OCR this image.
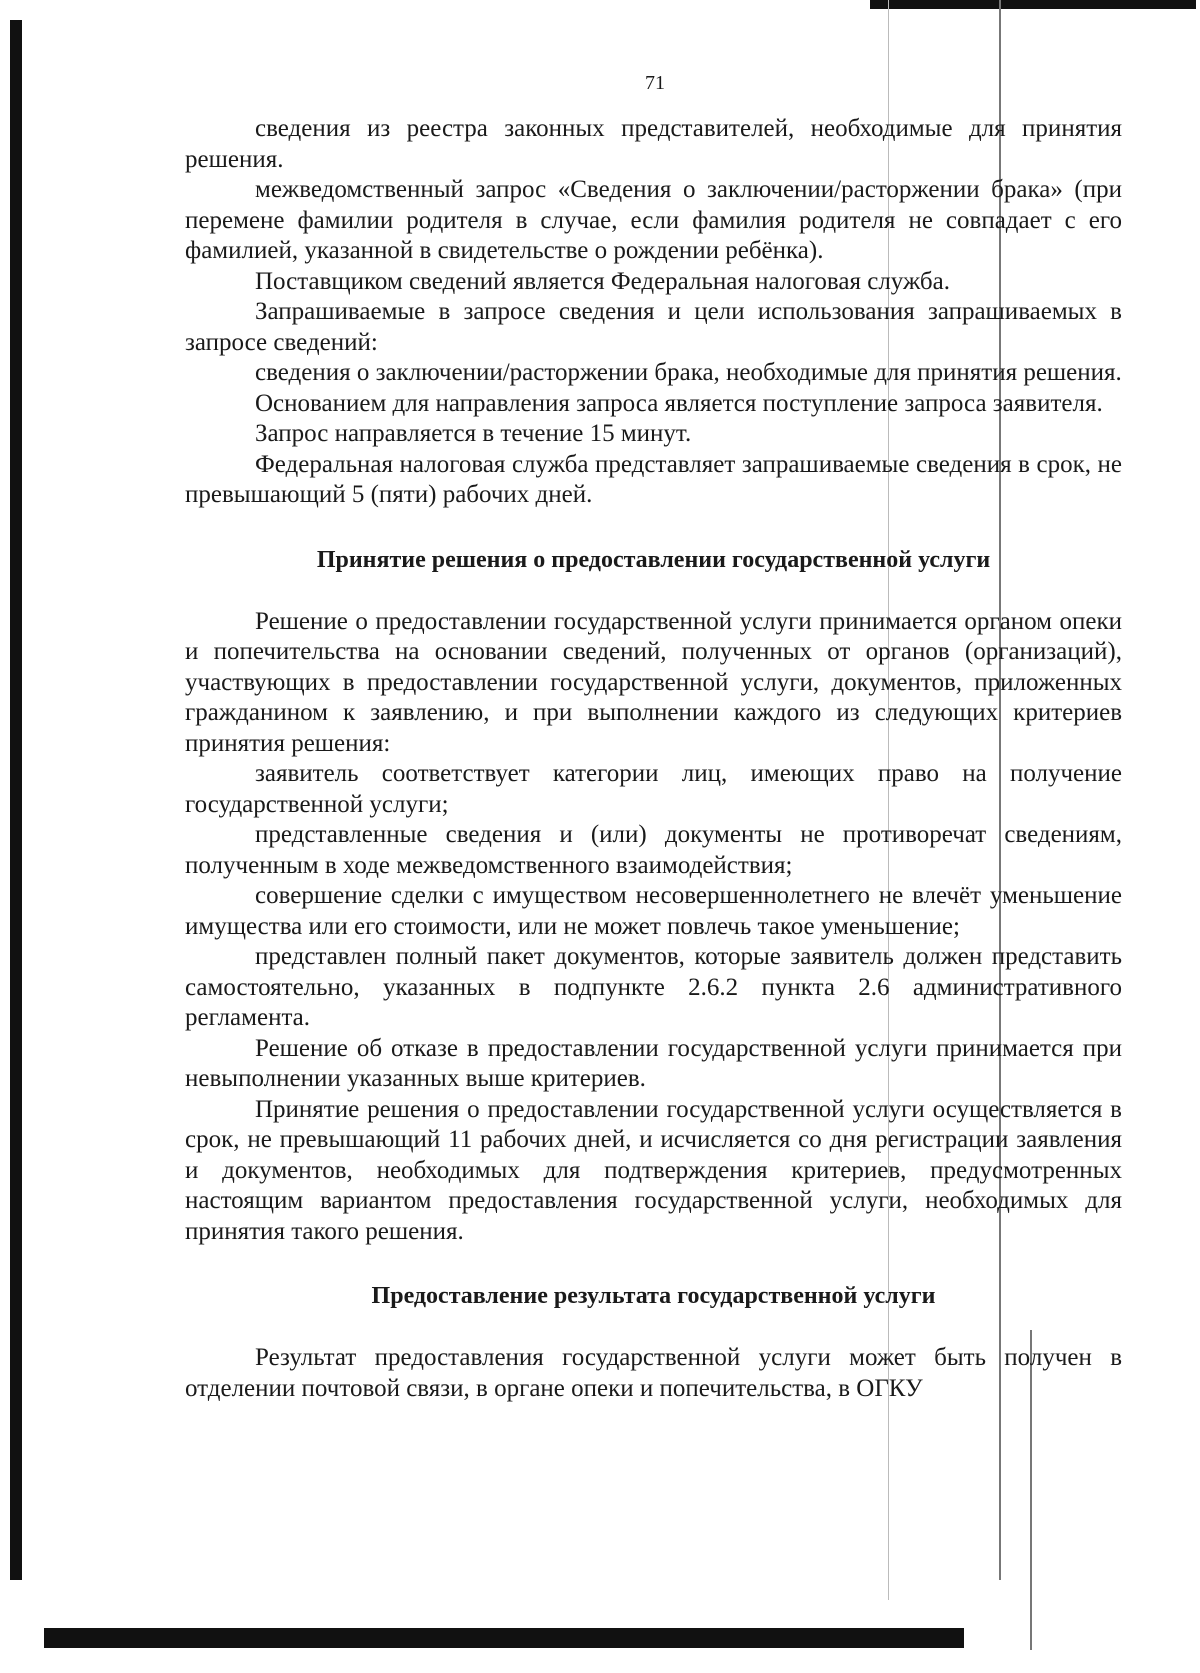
71

сведения из реестра законных представителей, необходимые для принятия решения.

межведомственный запрос «Сведения о заключении/расторжении брака» (при перемене фамилии родителя в случае, если фамилия родителя не совпадает с его фамилией, указанной в свидетельстве о рождении ребёнка).

Поставщиком сведений является Федеральная налоговая служба.

Запрашиваемые в запросе сведения и цели использования запрашиваемых в запросе сведений:

сведения о заключении/расторжении брака, необходимые для принятия решения.

Основанием для направления запроса является поступление запроса заявителя.

Запрос направляется в течение 15 минут.

Федеральная налоговая служба представляет запрашиваемые сведения в срок, не превышающий 5 (пяти) рабочих дней.

Принятие решения о предоставлении государственной услуги

Решение о предоставлении государственной услуги принимается органом опеки и попечительства на основании сведений, полученных от органов (организаций), участвующих в предоставлении государственной услуги, документов, приложенных гражданином к заявлению, и при выполнении каждого из следующих критериев принятия решения:

заявитель соответствует категории лиц, имеющих право на получение государственной услуги;

представленные сведения и (или) документы не противоречат сведениям, полученным в ходе межведомственного взаимодействия;

совершение сделки с имуществом несовершеннолетнего не влечёт уменьшение имущества или его стоимости, или не может повлечь такое уменьшение;

представлен полный пакет документов, которые заявитель должен представить самостоятельно, указанных в подпункте 2.6.2 пункта 2.6 административного регламента.

Решение об отказе в предоставлении государственной услуги принимается при невыполнении указанных выше критериев.

Принятие решения о предоставлении государственной услуги осуществляется в срок, не превышающий 11 рабочих дней, и исчисляется со дня регистрации заявления и документов, необходимых для подтверждения критериев, предусмотренных настоящим вариантом предоставления государственной услуги, необходимых для принятия такого решения.

Предоставление результата государственной услуги

Результат предоставления государственной услуги может быть получен в отделении почтовой связи, в органе опеки и попечительства, в ОГКУ
